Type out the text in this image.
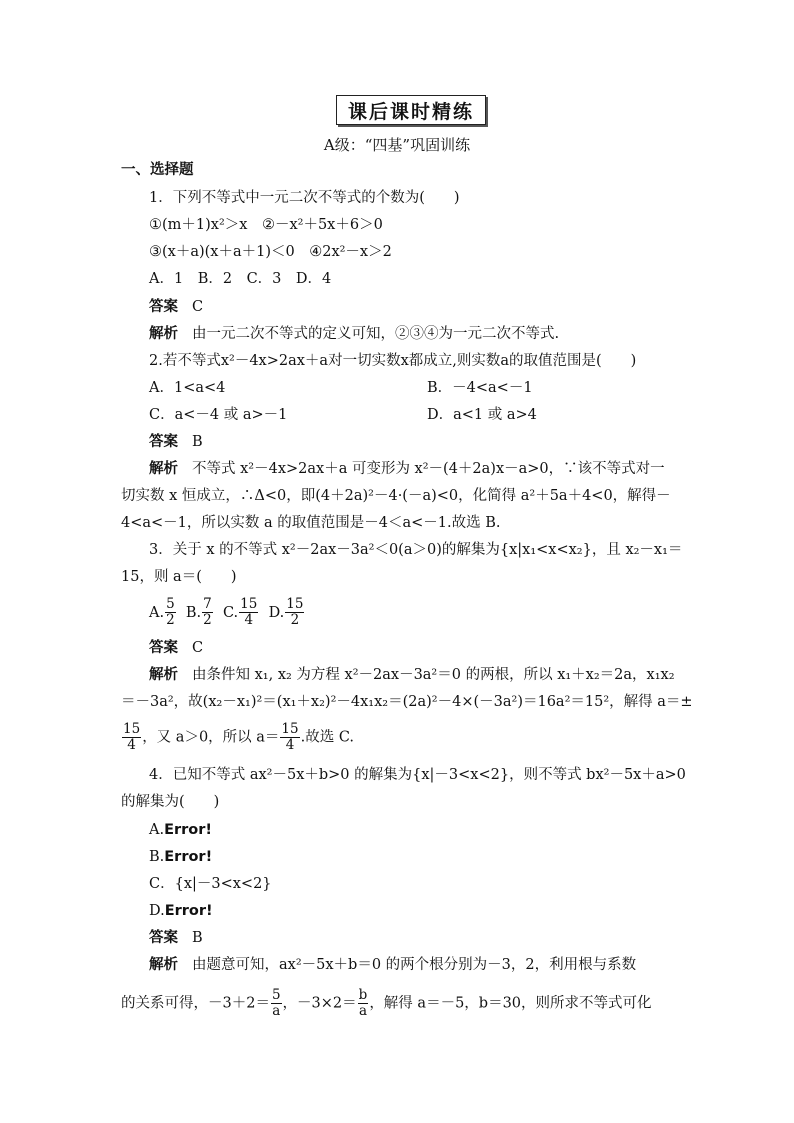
课后课时精练
A级：“四基”巩固训练
一、选择题
1．下列不等式中一元二次不等式的个数为(　　)
①(m＋1)x²＞x　②－x²＋5x＋6＞0
③(x＋a)(x＋a＋1)＜0　④2x²－x＞2
A．1　B．2　C．3　D．4
答案 C
解析 由一元二次不等式的定义可知，②③④为一元二次不等式.
2.若不等式x²－4x>2ax＋a对一切实数x都成立,则实数a的取值范围是(　　)
A．1<a<4	B．－4<a<－1
C．a<－4 或 a>－1	D．a<1 或 a>4
答案 B
解析 不等式 x²－4x>2ax＋a 可变形为 x²－(4＋2a)x－a>0，∵该不等式对一
切实数 x 恒成立，∴Δ<0，即(4＋2a)²－4·(－a)<0，化简得 a²＋5a＋4<0，解得－
4<a<－1，所以实数 a 的取值范围是－4＜a<－1.故选 B.
3．关于 x 的不等式 x²－2ax－3a²＜0(a＞0)的解集为{x|x₁<x<x₂}，且 x₂－x₁＝
15，则 a＝(　　)
A. $\frac{5}{2} B$. $\frac{7}{2} C$. $\frac{15}{4} D$. $\frac{15}{2}$
答案 C
解析 由条件知 x₁, x₂ 为方程 x²－2ax－3a²＝0 的两根，所以 x₁＋x₂＝2a，x₁x₂
＝－3a²，故(x₂－x₁)²＝(x₁＋x₂)²－4x₁x₂＝(2a)²－4×(－3a²)＝16a²＝15²，解得 a＝±
$\frac{15}{4}$ ，又 a＞0，所以 $a= \frac{15}{4}$ .故选 C.
4．已知不等式 ax²－5x＋b>0 的解集为{x|－3<x<2}，则不等式 bx²－5x＋a>0
的解集为(　　)
A.Error!
B.Error!
C．{x|－3<x<2}
D.Error!
答案 B
解析 由题意可知，ax²－5x＋b＝0 的两个根分别为－3，2，利用根与系数
的关系可得，$-3+2= \frac{5}{a}$ ，$-3\times 2= \frac{b}{a}$ ，解得 a＝－5，b＝30，则所求不等式可化
